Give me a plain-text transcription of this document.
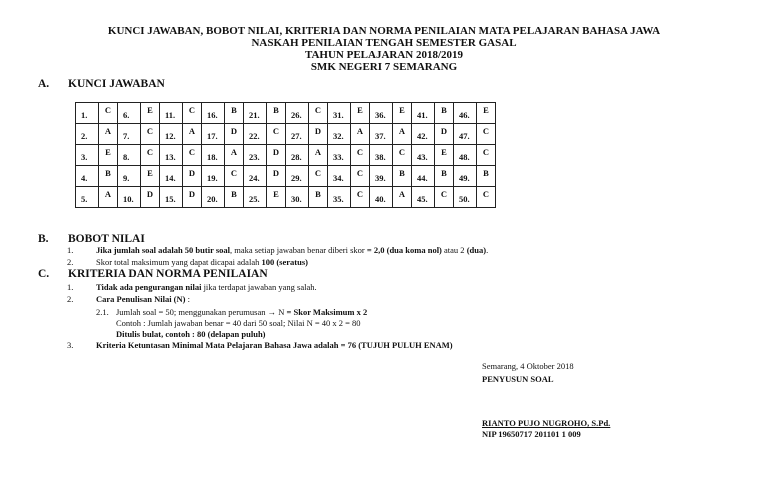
KUNCI JAWABAN, BOBOT NILAI, KRITERIA DAN NORMA PENILAIAN MATA PELAJARAN BAHASA JAWA
NASKAH PENILAIAN TENGAH SEMESTER GASAL
TAHUN PELAJARAN 2018/2019
SMK NEGERI 7 SEMARANG
A. KUNCI JAWABAN
1.	C	6.	E	11.	C	16.	B	21.	B	26.	C	31.	E	36.	E	41.	B	46.	E
2.	A	7.	C	12.	A	17.	D	22.	C	27.	D	32.	A	37.	A	42.	D	47.	C
3.	E	8.	C	13.	C	18.	A	23.	D	28.	A	33.	C	38.	C	43.	E	48.	C
4.	B	9.	E	14.	D	19.	C	24.	D	29.	C	34.	C	39.	B	44.	B	49.	B
5.	A	10.	D	15.	D	20.	B	25.	E	30.	B	35.	C	40.	A	45.	C	50.	C
B. BOBOT NILAI
1.	Jika jumlah soal adalah 50 butir soal, maka setiap jawaban benar diberi skor = 2,0 (dua koma nol) atau 2 (dua).
2.	Skor total maksimum yang dapat dicapai adalah 100 (seratus)
C. KRITERIA DAN NORMA PENILAIAN
1.	Tidak ada pengurangan nilai jika terdapat jawaban yang salah.
2.	Cara Penulisan Nilai (N) :
2.1. Jumlah soal = 50; menggunakan perumusan → N = Skor Maksimum x 2
Contoh : Jumlah jawaban benar = 40 dari 50 soal; Nilai N = 40 x 2 = 80
Ditulis bulat, contoh : 80 (delapan puluh)
3.	Kriteria Ketuntasan Minimal Mata Pelajaran Bahasa Jawa adalah = 76 (TUJUH PULUH ENAM)
Semarang, 4 Oktober 2018
PENYUSUN SOAL
RIANTO PUJO NUGROHO, S.Pd.
NIP 19650717 201101 1 009
